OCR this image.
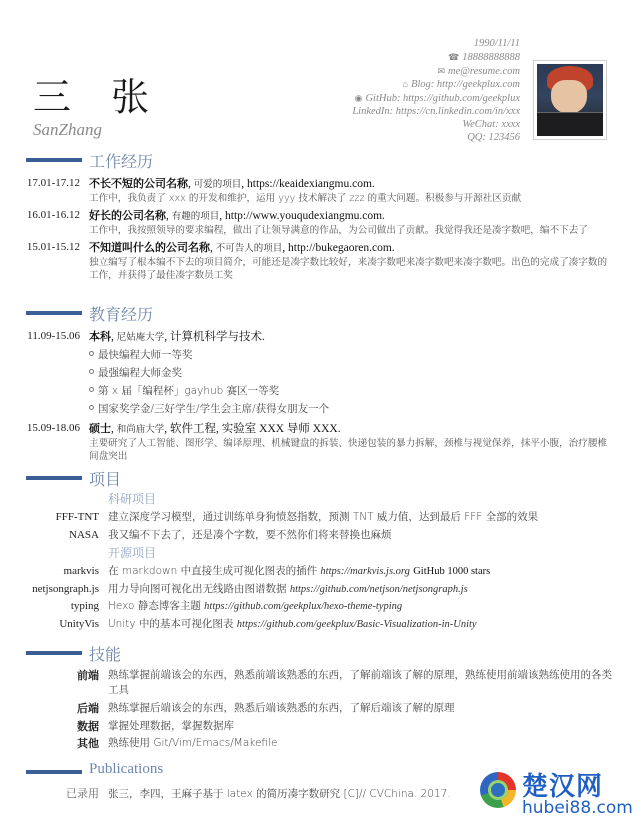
三 张
SanZhang
1990/11/11
☎ 18888888888
✉ me@resume.com
⌂ Blog: http://geekplux.com
◉ GitHub: https://github.com/geekplux
LinkedIn: https://cn.linkedin.com/in/xxx
WeChat: xxxx
QQ: 123456
工作经历
17.01-17.12 不长不短的公司名称, 可爱的项目, https://keaidexiangmu.com.
工作中，我负责了 xxx 的开发和维护，运用 yyy 技术解决了 zzz 的重大问题。积极参与开源社区贡献
16.01-16.12 好长的公司名称, 有趣的项目, http://www.youqudexiangmu.com.
工作中，我按照领导的要求编程，做出了让领导满意的作品，为公司做出了贡献。我觉得我还是凑字数吧，编不下去了
15.01-15.12 不知道叫什么的公司名称, 不可告人的项目, http://bukegaoren.com.
独立编写了根本编不下去的项目简介，可能还是凑字数比较好，来凑字数吧来凑字数吧来凑字数吧。出色的完成了凑字数的工作，并获得了最佳凑字数员工奖
教育经历
11.09-15.06 本科, 尼姑庵大学, 计算机科学与技术.
最快编程大师一等奖
最强编程大师金奖
第 x 届「编程杯」gayhub 赛区一等奖
国家奖学金/三好学生/学生会主席/获得女朋友一个
15.09-18.06 硕士, 和尚庙大学, 软件工程, 实验室 XXX 导师 XXX.
主要研究了人工智能、图形学、编译原理、机械键盘的拆装、快递包装的暴力拆解，颈椎与视觉保养，抹平小腹，治疗腰椎间盘突出
项目
科研项目
FFF-TNT 建立深度学习模型，通过训练单身狗愤怒指数，预测 TNT 威力值，达到最后 FFF 全部的效果
NASA 我又编不下去了，还是凑个字数，要不然你们将来替换也麻烦
开源项目
markvis 在 markdown 中直接生成可视化图表的插件 https://markvis.js.org GitHub 1000 stars
netjsongraph.js 用力导向图可视化出无线路由图谱数据 https://github.com/netjson/netjsongraph.js
typing Hexo 静态博客主题 https://github.com/geekplux/hexo-theme-typing
UnityVis Unity 中的基本可视化图表 https://github.com/geekplux/Basic-Visualization-in-Unity
技能
前端 熟练掌握前端该会的东西，熟悉前端该熟悉的东西，了解前端该了解的原理，熟练使用前端该熟练使用的各类工具
后端 熟练掌握后端该会的东西，熟悉后端该熟悉的东西，了解后端该了解的原理
数据 掌握处理数据，掌握数据库
其他 熟练使用 Git/Vim/Emacs/Makefile
Publications
已录用 张三，李四，王麻子基于 latex 的简历凑字数研究 [C]// CVChina. 2017.	楚汉网
hubei88.com
